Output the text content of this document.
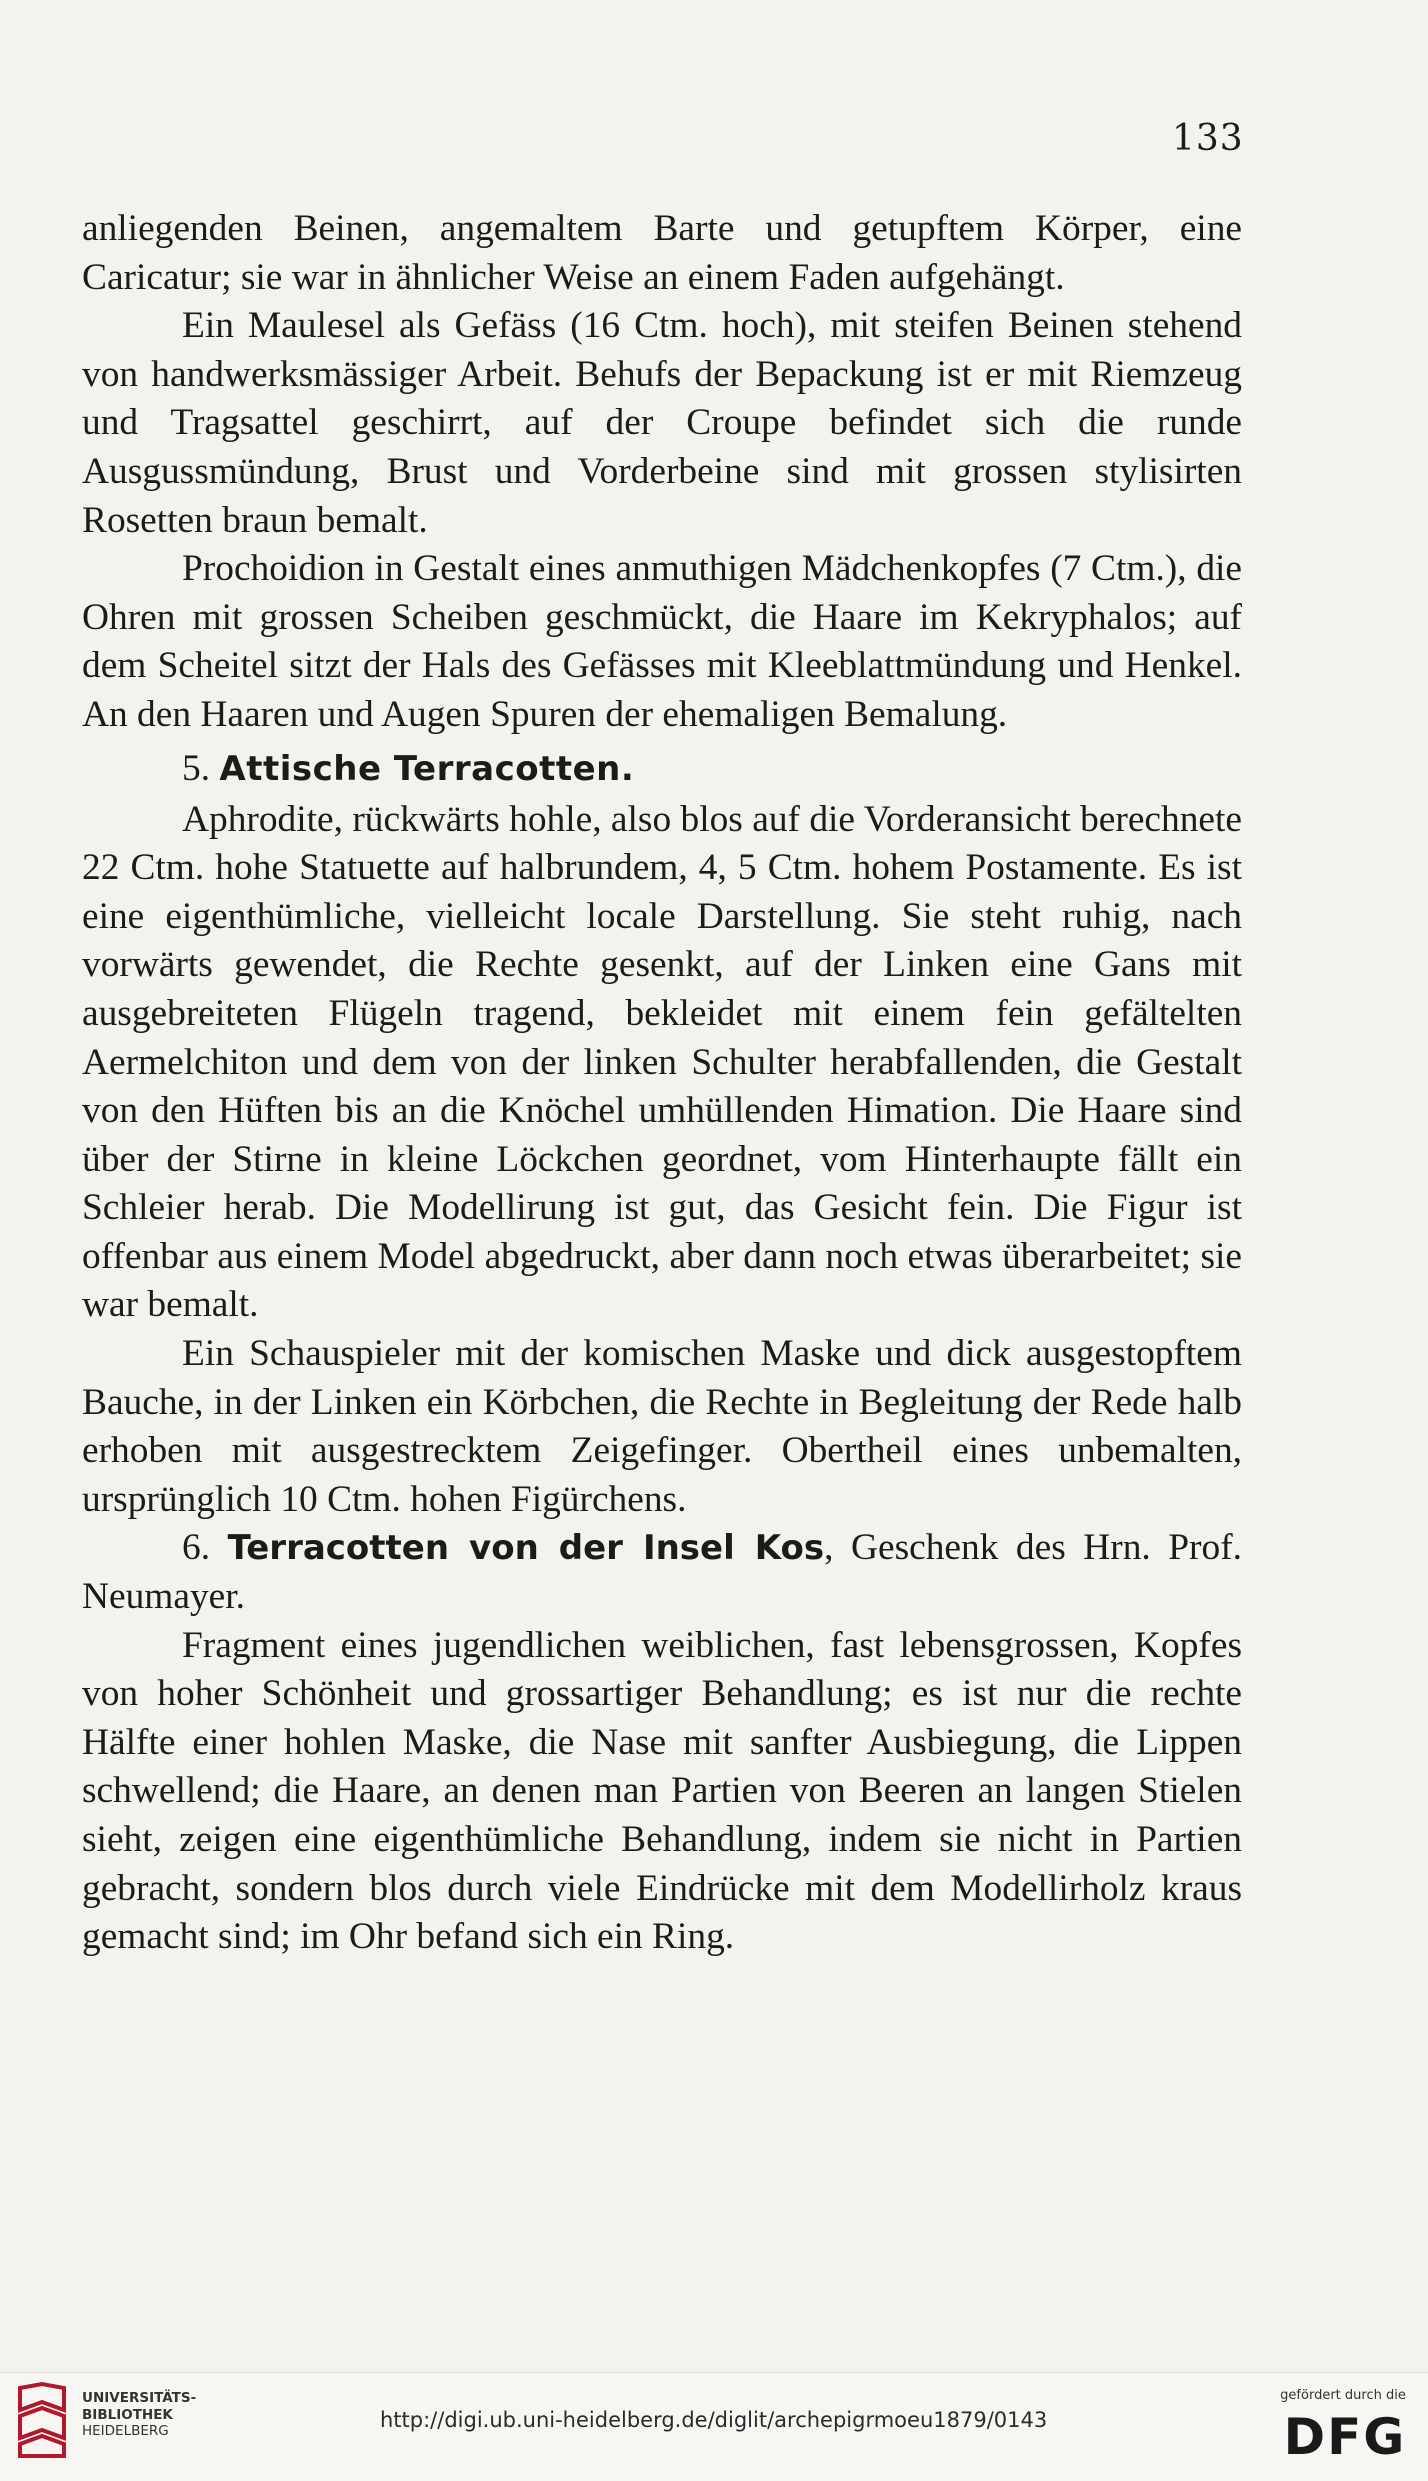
133

anliegenden Beinen, angemaltem Barte und getupftem Körper, eine Caricatur; sie war in ähnlicher Weise an einem Faden aufgehängt.

Ein Maulesel als Gefäss (16 Ctm. hoch), mit steifen Beinen stehend von handwerksmässiger Arbeit. Behufs der Bepackung ist er mit Riemzeug und Tragsattel geschirrt, auf der Croupe befindet sich die runde Ausgussmündung, Brust und Vorderbeine sind mit grossen stylisirten Rosetten braun bemalt.

Prochoidion in Gestalt eines anmuthigen Mädchenkopfes (7 Ctm.), die Ohren mit grossen Scheiben geschmückt, die Haare im Kekryphalos; auf dem Scheitel sitzt der Hals des Gefässes mit Kleeblattmündung und Henkel. An den Haaren und Augen Spuren der ehemaligen Bemalung.

5. Attische Terracotten.

Aphrodite, rückwärts hohle, also blos auf die Vorderansicht berechnete 22 Ctm. hohe Statuette auf halbrundem, 4, 5 Ctm. hohem Postamente. Es ist eine eigenthümliche, vielleicht locale Darstellung. Sie steht ruhig, nach vorwärts gewendet, die Rechte gesenkt, auf der Linken eine Gans mit ausgebreiteten Flügeln tragend, bekleidet mit einem fein gefältelten Aermelchiton und dem von der linken Schulter herabfallenden, die Gestalt von den Hüften bis an die Knöchel umhüllenden Himation. Die Haare sind über der Stirne in kleine Löckchen geordnet, vom Hinterhaupte fällt ein Schleier herab. Die Modellirung ist gut, das Gesicht fein. Die Figur ist offenbar aus einem Model abgedruckt, aber dann noch etwas überarbeitet; sie war bemalt.

Ein Schauspieler mit der komischen Maske und dick ausgestopftem Bauche, in der Linken ein Körbchen, die Rechte in Begleitung der Rede halb erhoben mit ausgestrecktem Zeigefinger. Obertheil eines unbemalten, ursprünglich 10 Ctm. hohen Figürchens.

6. Terracotten von der Insel Kos, Geschenk des Hrn. Prof. Neumayer.

Fragment eines jugendlichen weiblichen, fast lebensgrossen, Kopfes von hoher Schönheit und grossartiger Behandlung; es ist nur die rechte Hälfte einer hohlen Maske, die Nase mit sanfter Ausbiegung, die Lippen schwellend; die Haare, an denen man Partien von Beeren an langen Stielen sieht, zeigen eine eigenthümliche Behandlung, indem sie nicht in Partien gebracht, sondern blos durch viele Eindrücke mit dem Modellirholz kraus gemacht sind; im Ohr befand sich ein Ring.

UNIVERSITÄTS-
BIBLIOTHEK
HEIDELBERG	http://digi.ub.uni-heidelberg.de/diglit/archepigrmoeu1879/0143
gefördert durch die
DFG
